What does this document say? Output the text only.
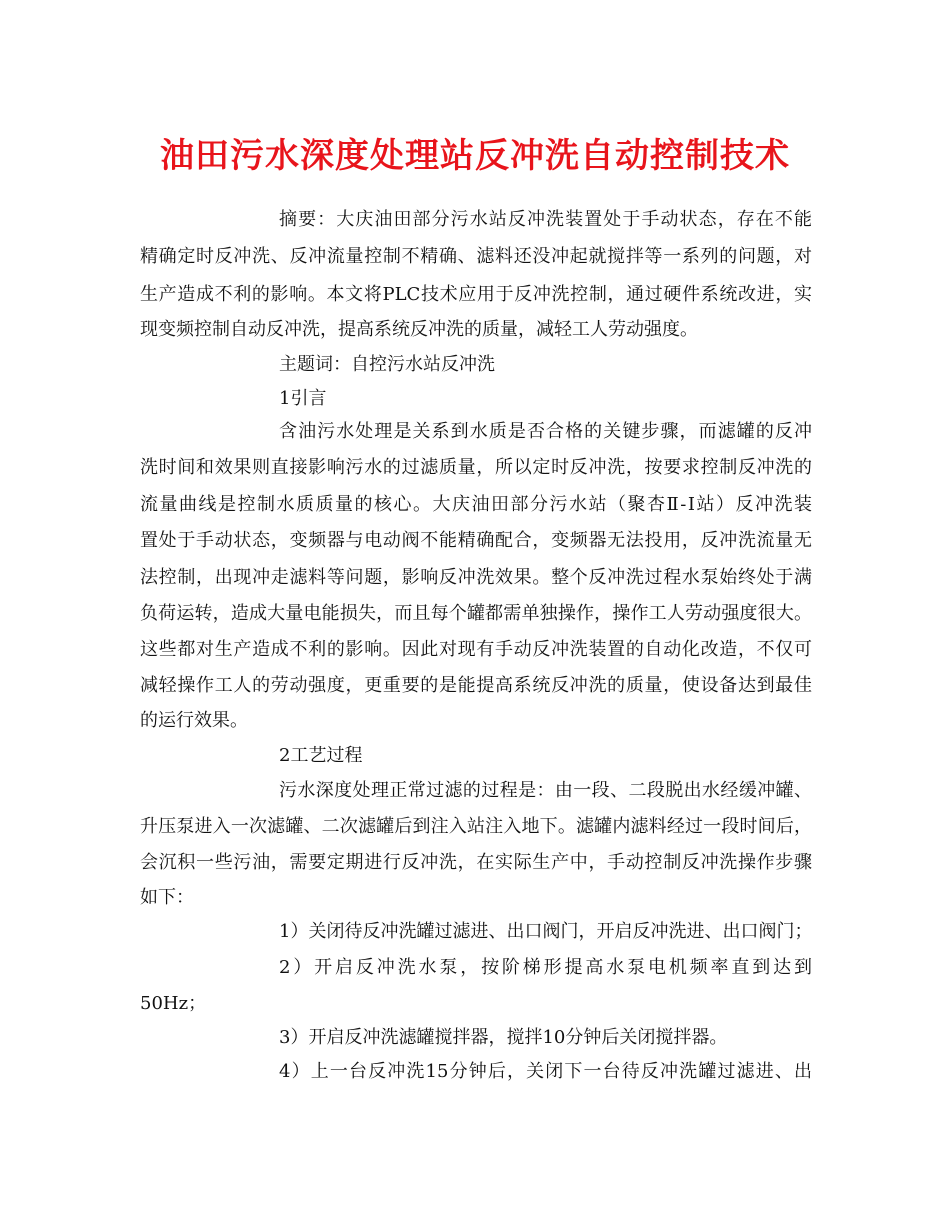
油田污水深度处理站反冲洗自动控制技术

摘要：大庆油田部分污水站反冲洗装置处于手动状态，存在不能

精确定时反冲洗、反冲流量控制不精确、滤料还没冲起就搅拌等一系列的问题，对

生产造成不利的影响。本文将PLC技术应用于反冲洗控制，通过硬件系统改进，实

现变频控制自动反冲洗，提高系统反冲洗的质量，减轻工人劳动强度。

主题词：自控污水站反冲洗

1引言

含油污水处理是关系到水质是否合格的关键步骤，而滤罐的反冲

洗时间和效果则直接影响污水的过滤质量，所以定时反冲洗，按要求控制反冲洗的

流量曲线是控制水质质量的核心。大庆油田部分污水站（聚杏Ⅱ-Ⅰ站）反冲洗装

置处于手动状态，变频器与电动阀不能精确配合，变频器无法投用，反冲洗流量无

法控制，出现冲走滤料等问题，影响反冲洗效果。整个反冲洗过程水泵始终处于满

负荷运转，造成大量电能损失，而且每个罐都需单独操作，操作工人劳动强度很大。

这些都对生产造成不利的影响。因此对现有手动反冲洗装置的自动化改造，不仅可

减轻操作工人的劳动强度，更重要的是能提高系统反冲洗的质量，使设备达到最佳

的运行效果。

2工艺过程

污水深度处理正常过滤的过程是：由一段、二段脱出水经缓冲罐、

升压泵进入一次滤罐、二次滤罐后到注入站注入地下。滤罐内滤料经过一段时间后，

会沉积一些污油，需要定期进行反冲洗，在实际生产中，手动控制反冲洗操作步骤

如下：

1）关闭待反冲洗罐过滤进、出口阀门，开启反冲洗进、出口阀门；

2）开启反冲洗水泵，按阶梯形提高水泵电机频率直到达到

50Hz；

3）开启反冲洗滤罐搅拌器，搅拌10分钟后关闭搅拌器。

4）上一台反冲洗15分钟后，关闭下一台待反冲洗罐过滤进、出
